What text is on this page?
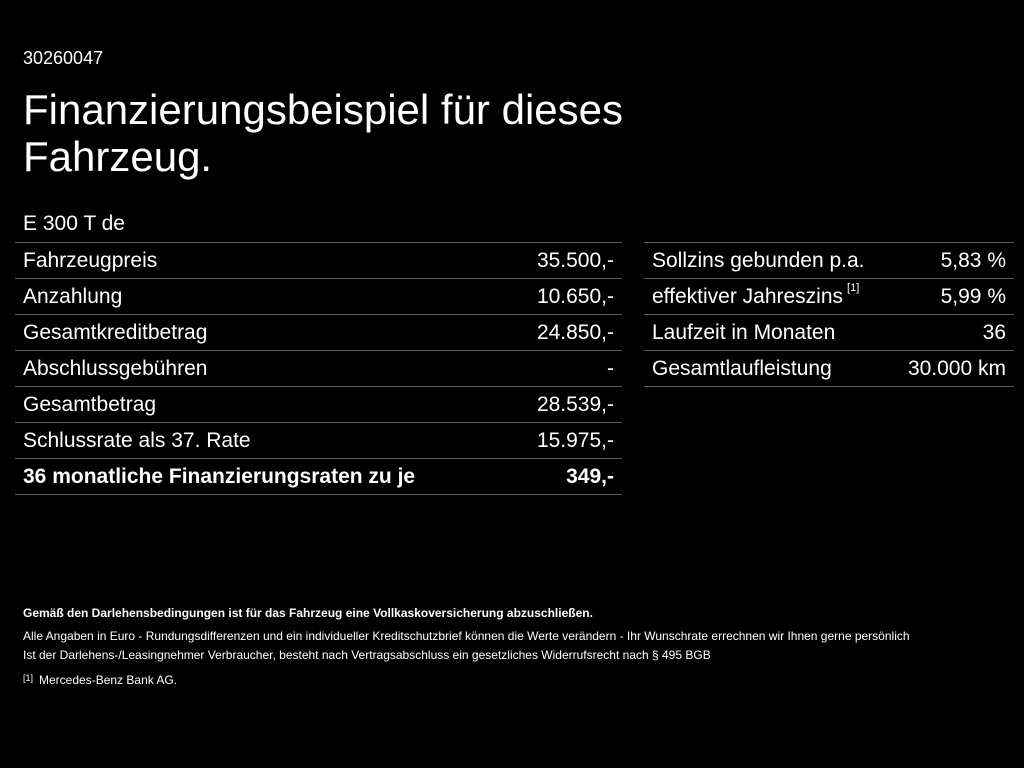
30260047
Finanzierungsbeispiel für dieses
Fahrzeug.
E 300 T de
Fahrzeugpreis	35.500,-
Anzahlung	10.650,-
Gesamtkreditbetrag	24.850,-
Abschlussgebühren	-
Gesamtbetrag	28.539,-
Schlussrate als 37. Rate	15.975,-
36 monatliche Finanzierungsraten zu je	349,-
Sollzins gebunden p.a.	5,83 %
effektiver Jahreszins [1]	5,99 %
Laufzeit in Monaten	36
Gesamtlaufleistung	30.000 km
Gemäß den Darlehensbedingungen ist für das Fahrzeug eine Vollkaskoversicherung abzuschließen.
Alle Angaben in Euro - Rundungsdifferenzen und ein individueller Kreditschutzbrief können die Werte verändern - Ihr Wunschrate errechnen wir Ihnen gerne persönlich
Ist der Darlehens-/Leasingnehmer Verbraucher, besteht nach Vertragsabschluss ein gesetzliches Widerrufsrecht nach § 495 BGB
[1] Mercedes-Benz Bank AG.
